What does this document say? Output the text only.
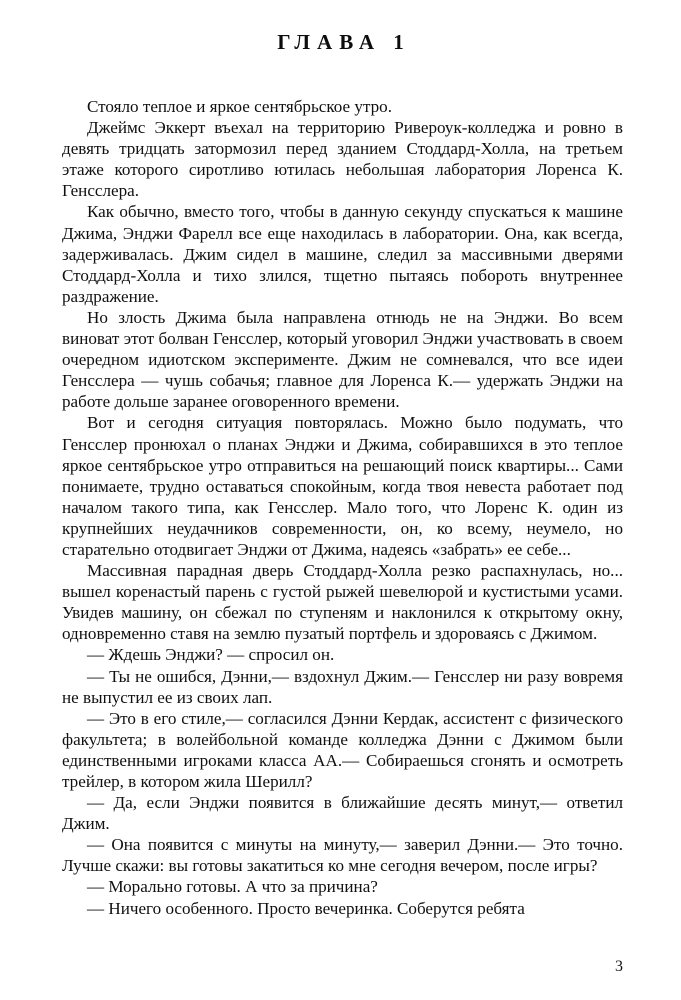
ГЛАВА 1

Стояло теплое и яркое сентябрьское утро.

Джеймс Эккерт въехал на территорию Ривероук-колледжа и ровно в девять тридцать затормозил перед зданием Стоддард-Холла, на третьем этаже которого сиротливо ютилась небольшая лаборатория Лоренса К. Генсслера.

Как обычно, вместо того, чтобы в данную секунду спускаться к машине Джима, Энджи Фарелл все еще находилась в лаборатории. Она, как всегда, задерживалась. Джим сидел в машине, следил за массивными дверями Стоддард-Холла и тихо злился, тщетно пытаясь побороть внутреннее раздражение.

Но злость Джима была направлена отнюдь не на Энджи. Во всем виноват этот болван Генсслер, который уговорил Энджи участвовать в своем очередном идиотском эксперименте. Джим не сомневался, что все идеи Генсслера — чушь собачья; главное для Лоренса К.— удержать Энджи на работе дольше заранее оговоренного времени.

Вот и сегодня ситуация повторялась. Можно было подумать, что Генсслер пронюхал о планах Энджи и Джима, собиравшихся в это теплое яркое сентябрьское утро отправиться на решающий поиск квартиры... Сами понимаете, трудно оставаться спокойным, когда твоя невеста работает под началом такого типа, как Генсслер. Мало того, что Лоренс К. один из крупнейших неудачников современности, он, ко всему, неумело, но старательно отодвигает Энджи от Джима, надеясь «забрать» ее себе...

Массивная парадная дверь Стоддард-Холла резко распахнулась, но... вышел коренастый парень с густой рыжей шевелюрой и кустистыми усами. Увидев машину, он сбежал по ступеням и наклонился к открытому окну, одновременно ставя на землю пузатый портфель и здороваясь с Джимом.

— Ждешь Энджи? — спросил он.

— Ты не ошибся, Дэнни,— вздохнул Джим.— Генсслер ни разу вовремя не выпустил ее из своих лап.

— Это в его стиле,— согласился Дэнни Кердак, ассистент с физического факультета; в волейбольной команде колледжа Дэнни с Джимом были единственными игроками класса АА.— Собираешься сгонять и осмотреть трейлер, в котором жила Шерилл?

— Да, если Энджи появится в ближайшие десять минут,— ответил Джим.

— Она появится с минуты на минуту,— заверил Дэнни.— Это точно. Лучше скажи: вы готовы закатиться ко мне сегодня вечером, после игры?

— Морально готовы. А что за причина?

— Ничего особенного. Просто вечеринка. Соберутся ребята

3
